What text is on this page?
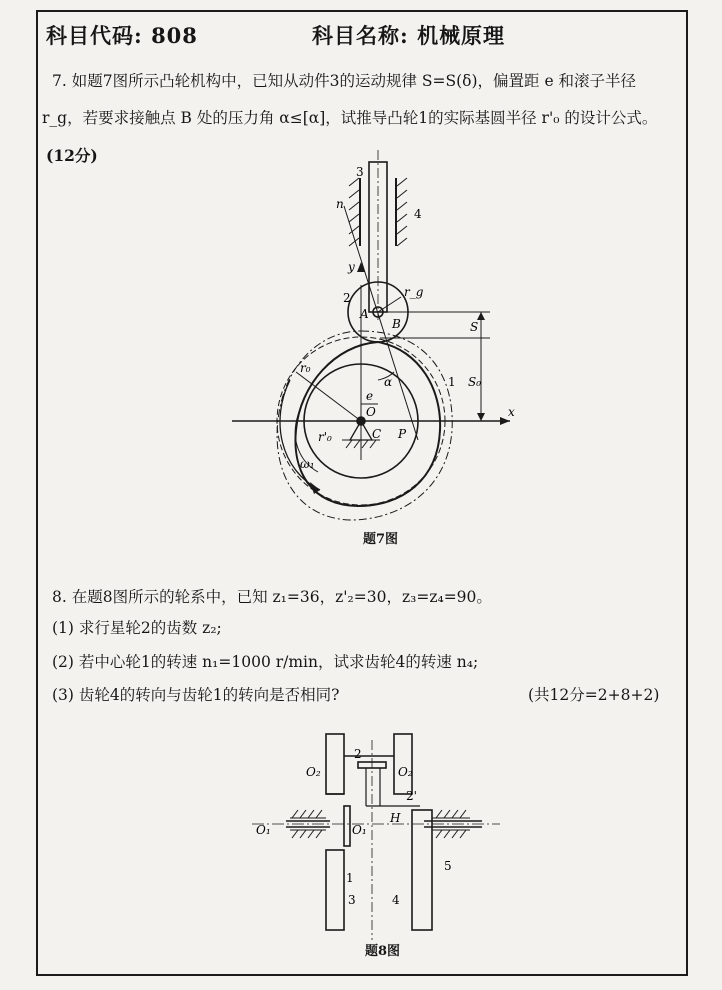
科目代码: 808	科目名称: 机械原理
7. 如题7图所示凸轮机构中，已知从动件3的运动规律 S=S(δ)，偏置距 e 和滚子半径
r_g，若要求接触点 B 处的压力角 α≤[α]，试推导凸轮1的实际基圆半径 r'₀ 的设计公式。
(12分)
3
4
n
y
2	r_g
A
B	S
S₀
1
r₀
e
α
O
r'₀	C P
ω₁
x
题7图
8. 在题8图所示的轮系中，已知 z₁=36，z'₂=30，z₃=z₄=90。
(1) 求行星轮2的齿数 z₂;
(2) 若中心轮1的转速 n₁=1000 r/min，试求齿轮4的转速 n₄;
(3) 齿轮4的转向与齿轮1的转向是否相同?	(共12分=2+8+2)
2
O₂	O₂
2'
O₁	O₁
H
5
1
3	4
题8图
